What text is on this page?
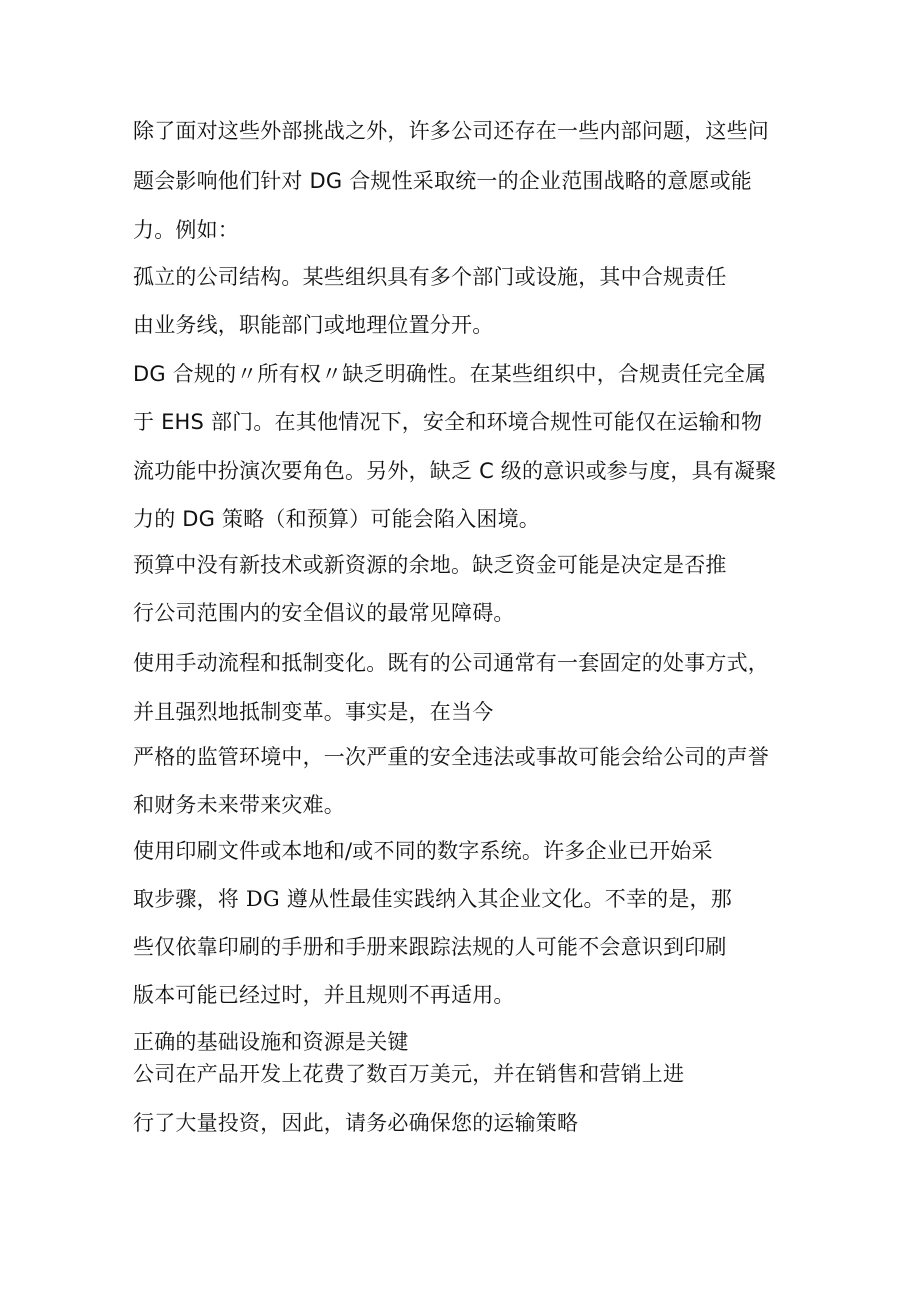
除了面对这些外部挑战之外，许多公司还存在一些内部问题，这些问
题会影响他们针对 DG 合规性采取统一的企业范围战略的意愿或能
力。例如：
孤立的公司结构。某些组织具有多个部门或设施，其中合规责任
由业务线，职能部门或地理位置分开。
DG 合规的〃所有权〃缺乏明确性。在某些组织中，合规责任完全属
于 EHS 部门。在其他情况下，安全和环境合规性可能仅在运输和物
流功能中扮演次要角色。另外，缺乏 C 级的意识或参与度，具有凝聚
力的 DG 策略（和预算）可能会陷入困境。
预算中没有新技术或新资源的余地。缺乏资金可能是决定是否推
行公司范围内的安全倡议的最常见障碍。
使用手动流程和抵制变化。既有的公司通常有一套固定的处事方式，
并且强烈地抵制变革。事实是，在当今
严格的监管环境中，一次严重的安全违法或事故可能会给公司的声誉
和财务未来带来灾难。
使用印刷文件或本地和/或不同的数字系统。许多企业已开始采
取步骤，将 DG 遵从性最佳实践纳入其企业文化。不幸的是，那
些仅依靠印刷的手册和手册来跟踪法规的人可能不会意识到印刷
版本可能已经过时，并且规则不再适用。
正确的基础设施和资源是关键
公司在产品开发上花费了数百万美元，并在销售和营销上进
行了大量投资，因此，请务必确保您的运输策略
